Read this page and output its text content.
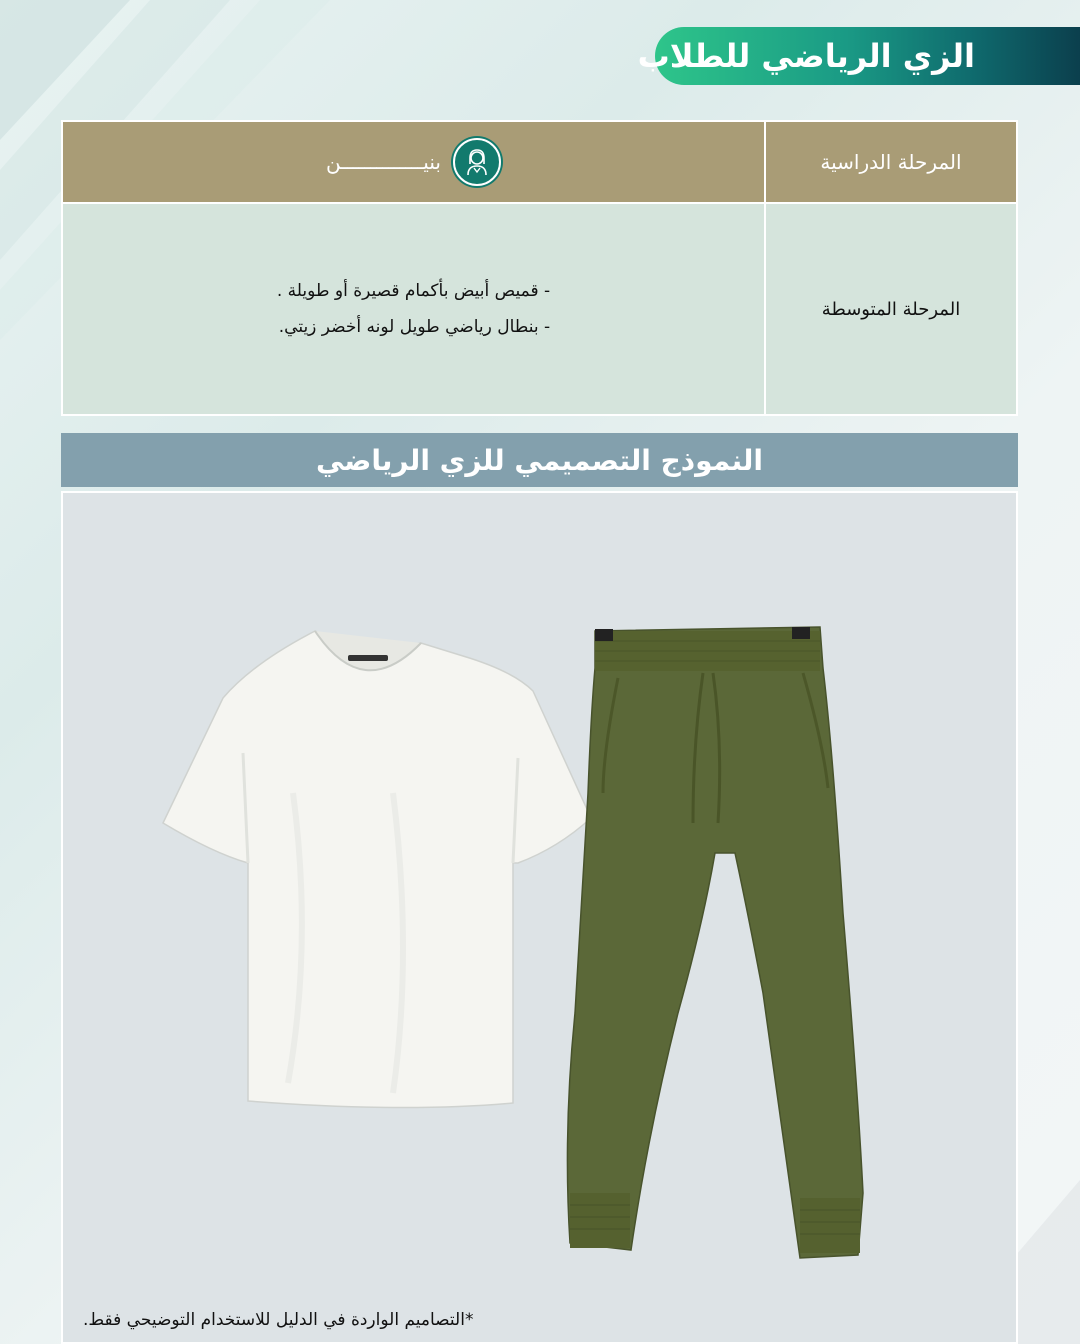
الزي الرياضي للطلاب
المرحلة الدراسية	بنيــــــــــــــن

المرحلة المتوسطة	- قميص أبيض بأكمام قصيرة أو طويلة .
- بنطال رياضي طويل لونه أخضر زيتي.
النموذج التصميمي للزي الرياضي
*التصاميم الواردة في الدليل للاستخدام التوضيحي فقط.
